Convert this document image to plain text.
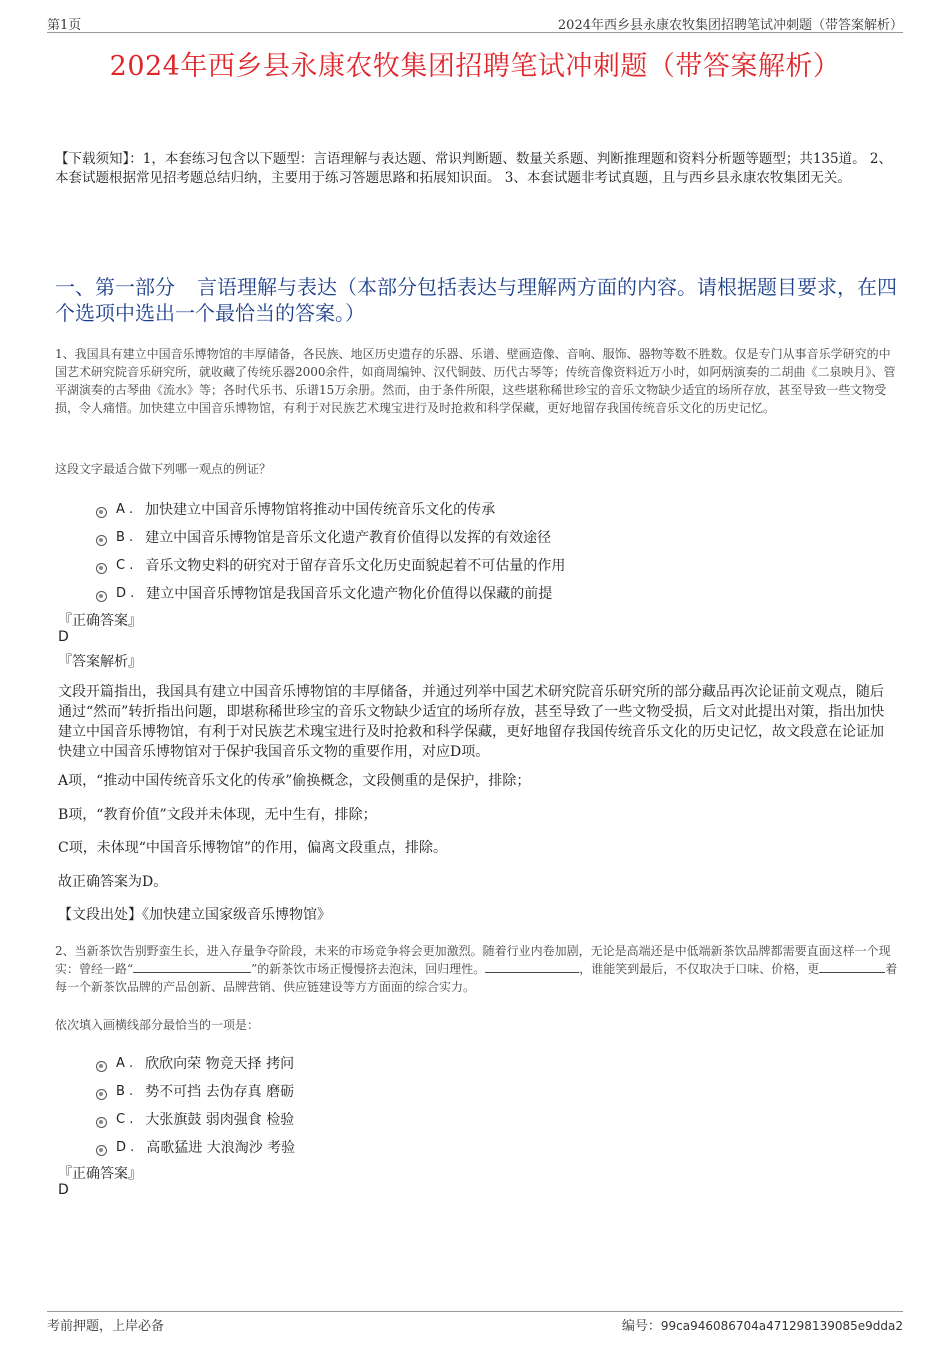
第1页	2024年西乡县永康农牧集团招聘笔试冲刺题（带答案解析）
2024年西乡县永康农牧集团招聘笔试冲刺题（带答案解析）
【下载须知】：1，本套练习包含以下题型：言语理解与表达题、常识判断题、数量关系题、判断推理题和资料分析题等题型；共135道。 2、本套试题根据常见招考题总结归纳，主要用于练习答题思路和拓展知识面。 3、本套试题非考试真题，且与西乡县永康农牧集团无关。
一、第一部分 言语理解与表达（本部分包括表达与理解两方面的内容。请根据题目要求，在四个选项中选出一个最恰当的答案。）
1、我国具有建立中国音乐博物馆的丰厚储备，各民族、地区历史遗存的乐器、乐谱、壁画造像、音响、服饰、器物等数不胜数。仅是专门从事音乐学研究的中国艺术研究院音乐研究所，就收藏了传统乐器2000余件，如商周编钟、汉代铜鼓、历代古琴等；传统音像资料近万小时，如阿炳演奏的二胡曲《二泉映月》、管平湖演奏的古琴曲《流水》等；各时代乐书、乐谱15万余册。然而，由于条件所限，这些堪称稀世珍宝的音乐文物缺少适宜的场所存放，甚至导致一些文物受损，令人痛惜。加快建立中国音乐博物馆，有利于对民族艺术瑰宝进行及时抢救和科学保藏，更好地留存我国传统音乐文化的历史记忆。
这段文字最适合做下列哪一观点的例证？
A . 加快建立中国音乐博物馆将推动中国传统音乐文化的传承
B . 建立中国音乐博物馆是音乐文化遗产教育价值得以发挥的有效途径
C . 音乐文物史料的研究对于留存音乐文化历史面貌起着不可估量的作用
D . 建立中国音乐博物馆是我国音乐文化遗产物化价值得以保藏的前提
『正确答案』
D
『答案解析』
文段开篇指出，我国具有建立中国音乐博物馆的丰厚储备，并通过列举中国艺术研究院音乐研究所的部分藏品再次论证前文观点，随后通过“然而”转折指出问题，即堪称稀世珍宝的音乐文物缺少适宜的场所存放，甚至导致了一些文物受损，后文对此提出对策，指出加快建立中国音乐博物馆，有利于对民族艺术瑰宝进行及时抢救和科学保藏，更好地留存我国传统音乐文化的历史记忆，故文段意在论证加快建立中国音乐博物馆对于保护我国音乐文物的重要作用，对应D项。
A项，“推动中国传统音乐文化的传承”偷换概念，文段侧重的是保护，排除；
B项，“教育价值”文段并未体现，无中生有，排除；
C项，未体现“中国音乐博物馆”的作用，偏离文段重点，排除。
故正确答案为D。
【文段出处】《加快建立国家级音乐博物馆》
2、当新茶饮告别野蛮生长，进入存量争夺阶段，未来的市场竞争将会更加激烈。随着行业内卷加剧，无论是高端还是中低端新茶饮品牌都需要直面这样一个现实：曾经一路“	”的新茶饮市场正慢慢挤去泡沫，回归理性。	，谁能笑到最后，不仅取决于口味、价格，更	着每一个新茶饮品牌的产品创新、品牌营销、供应链建设等方方面面的综合实力。
依次填入画横线部分最恰当的一项是：
A . 欣欣向荣 物竞天择 拷问
B . 势不可挡 去伪存真 磨砺
C . 大张旗鼓 弱肉强食 检验
D . 高歌猛进 大浪淘沙 考验
『正确答案』
D
考前押题，上岸必备	编号：99ca946086704a471298139085e9dda2
